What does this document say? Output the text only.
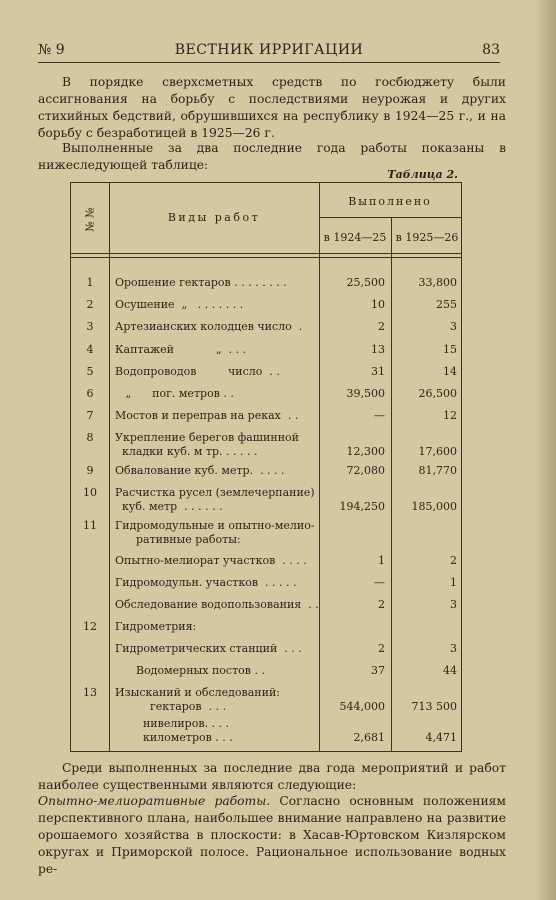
№ 9	ВЕСТНИК ИРРИГАЦИИ	83
В порядке сверхсметных средств по госбюджету были ассигнования на борьбу с последствиями неурожая и других стихийных бедствий, обрушившихся на республику в 1924—25 г., и на борьбу с безработицей в 1925—26 г.
Выполненные за два последние года работы показаны в нижеследующей таблице:
Таблица 2.
№ №	Виды работ
Выполнено
в 1924—25 в 1925—26
1	Орошение гектаров . . . . . . . .	25,500	33,800
2	Осушение  „   . . . . . . .	10	255
3	Артезианских колодцев число  .	2	3
4	Каптажей            „  . . .	13	15
5	Водопроводов         число  . .	31	14
6	„      пог. метров . .	39,500	26,500
7	Мостов и переправ на реках  . .	—	12
8	Укрепление берегов фашинной
кладки куб. м тр. . . . . .	12,300	17,600
9	Обвалование куб. метр.  . . . .	72,080	81,770
10	Расчистка русел (землечерпание)
куб. метр  . . . . . .	194,250	185,000
11	Гидромодульные и опытно-мелио-
ративные работы:
Опытно-мелиорат участков  . . . .	1	2
Гидромодульн. участков  . . . . .	—	1
Обследование водопользования  . .	2	3
12	Гидрометрия:
Гидрометрических станций  . . .	2	3
Водомерных постов . .	37	44
13	Изысканий и обследований:
гектаров  . . .	544,000	713 500
нивелиров. . . .
километров . . .	2,681	4,471
Среди выполненных за последние два года мероприятий и работ наиболее существенными являются следующие:
Опытно-мелиоративные работы. Согласно основным положениям перспективного плана, наибольшее внимание направлено на развитие орошаемого хозяйства в плоскости: в Хасав-Юртовском Кизлярском округах и Приморской полосе. Рациональное использование водных ре-
